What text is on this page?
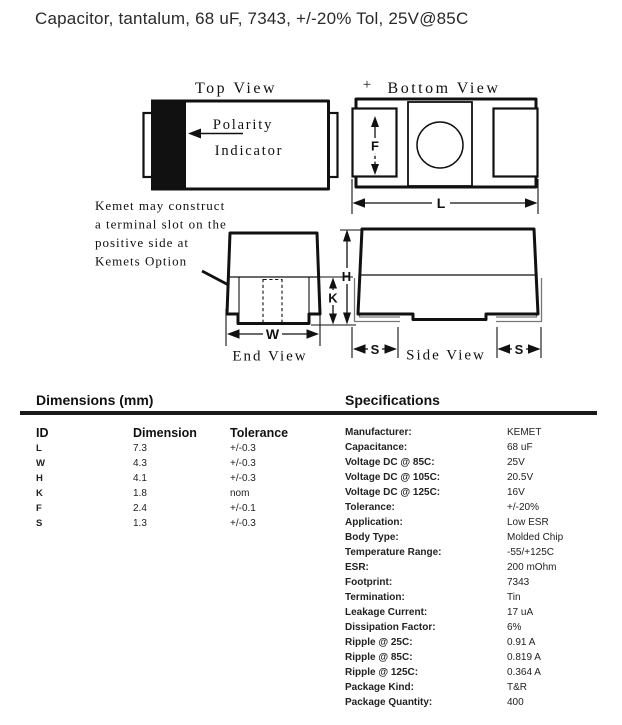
Capacitor, tantalum, 68 uF, 7343, +/-20% Tol, 25V@85C
Top View
Polarity
Indicator
+ Bottom View
F
L
Kemet may construct
a terminal slot on the
positive side at
Kemets Option
W
End View
H
K
S	S
Side View
Dimensions (mm)	Specifications
ID	Dimension	Tolerance
L	7.3	+/-0.3
W	4.3	+/-0.3
H	4.1	+/-0.3
K	1.8	nom
F	2.4	+/-0.1
S	1.3	+/-0.3
Manufacturer:	KEMET
Capacitance:	68 uF
Voltage DC @ 85C:	25V
Voltage DC @ 105C:	20.5V
Voltage DC @ 125C:	16V
Tolerance:	+/-20%
Application:	Low ESR
Body Type:	Molded Chip
Temperature Range:	-55/+125C
ESR:	200 mOhm
Footprint:	7343
Termination:	Tin
Leakage Current:	17 uA
Dissipation Factor:	6%
Ripple @ 25C:	0.91 A
Ripple @ 85C:	0.819 A
Ripple @ 125C:	0.364 A
Package Kind:	T&R
Package Quantity:	400
